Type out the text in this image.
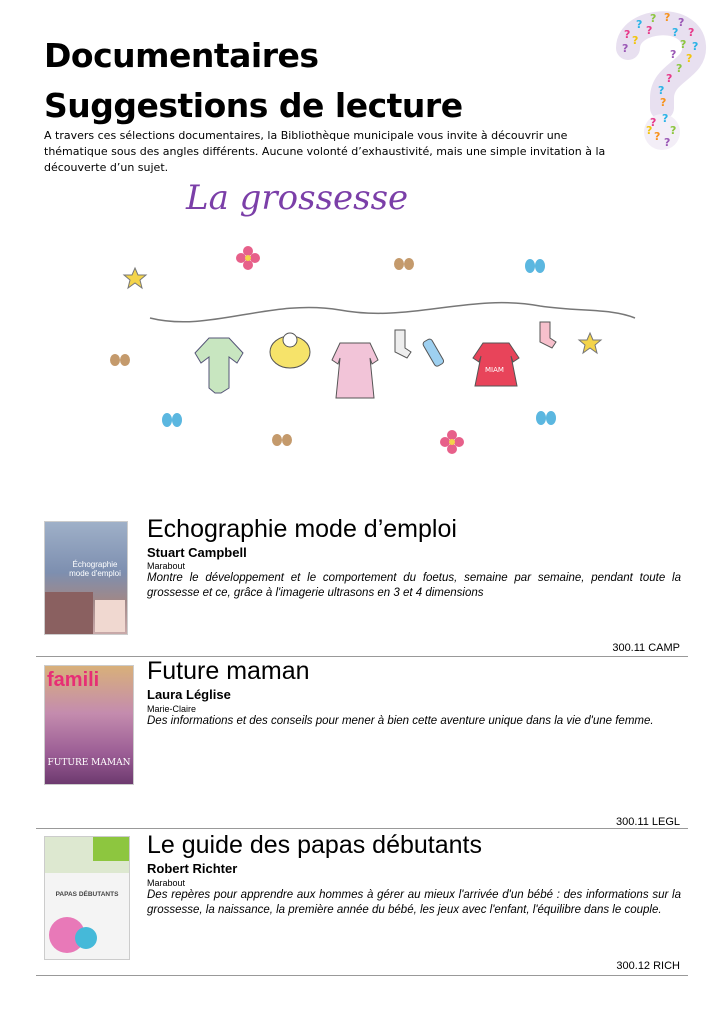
Documentaires
Suggestions de lecture
A travers ces sélections documentaires, la Bibliothèque municipale vous invite à découvrir une thématique sous des angles différents. Aucune volonté d’exhaustivité, mais une simple invitation à la découverte d’un sujet.
?
? ? ? ?
?
?
?
?
?
?
?
?
?
? ?
?
?
? ?
?
? ?
?
La grossesse
MIAM
Échographie mode d'emploi
Echographie mode d’emploi
Stuart Campbell
Marabout
Montre le développement et le comportement du foetus, semaine par semaine, pendant toute la grossesse et ce, grâce à l'imagerie ultrasons en 3 et 4 dimensions
300.11 CAMP
famili
FUTURE MAMAN
Future maman
Laura Léglise
Marie-Claire
Des informations et des conseils pour mener à bien cette aventure unique dans la vie d'une femme.
300.11 LEGL
PAPAS DÉBUTANTS
Le guide des papas débutants
Robert Richter
Marabout
Des repères pour apprendre aux hommes à gérer au mieux l'arrivée d'un bébé : des informations sur la grossesse, la naissance, la première année du bébé, les jeux avec l'enfant, l'équilibre dans le couple.
300.12 RICH
